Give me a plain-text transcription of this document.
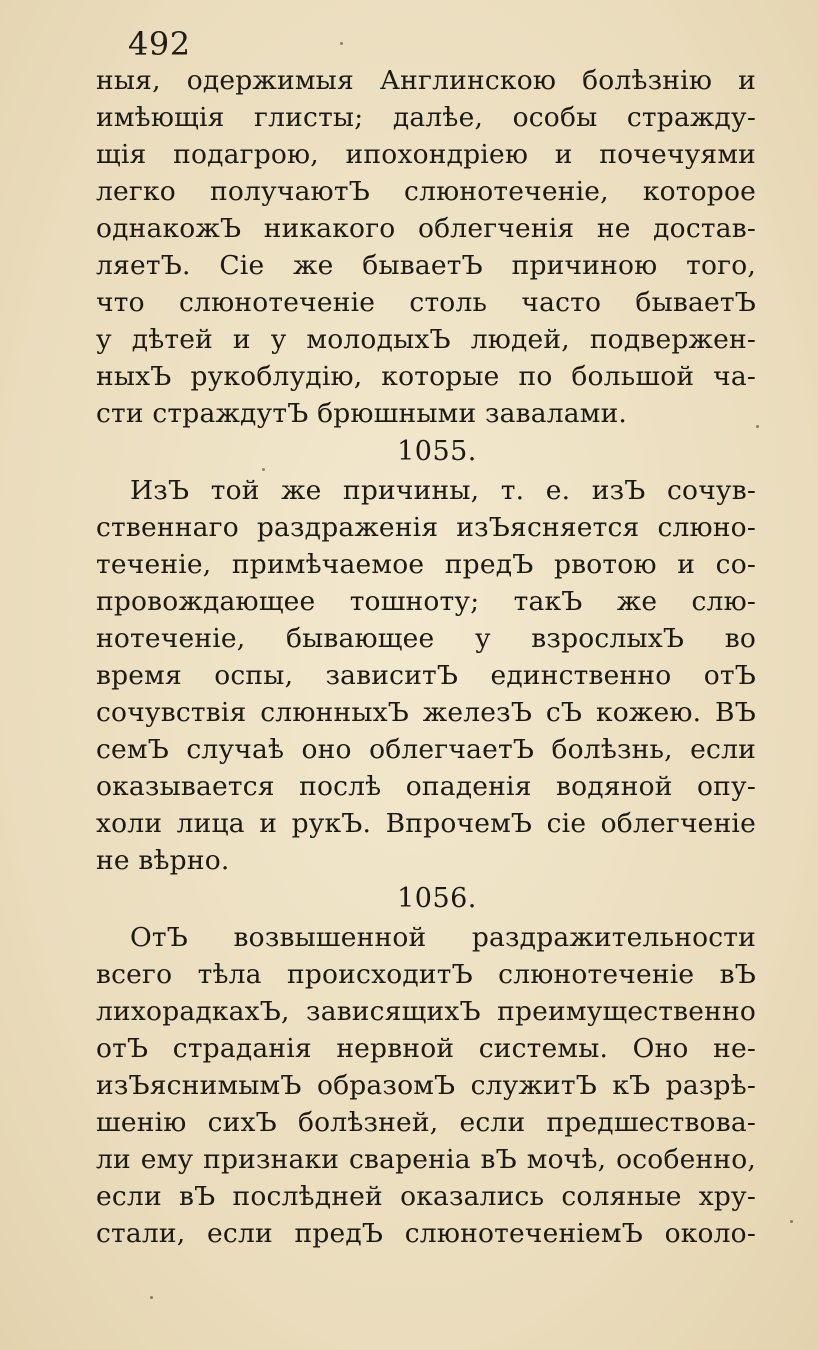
492
ныя, одержимыя Англинскою болѣзнію и
имѣющія глисты; далѣе, особы стражду-
щія подагрою, ипохондріею и почечуями
легко получаютЪ слюнотеченіе, которое
однакожЪ никакого облегченія не достав-
ляетЪ. Сіе же бываетЪ причиною того,
что слюнотеченіе столь часто бываетЪ
у дѣтей и у молодыхЪ людей, подвержен-
ныхЪ рукоблудію, которые по большой ча-
сти страждутЪ брюшными завалами.
1055.
ИзЪ той же причины, т. е. изЪ сочув-
ственнаго раздраженія изЪясняется слюно-
теченіе, примѣчаемое предЪ рвотою и со-
провождающее тошноту; такЪ же слю-
нотеченіе, бывающее у взрослыхЪ во
время оспы, зависитЪ единственно отЪ
сочувствія слюнныхЪ железЪ сЪ кожею. ВЪ
семЪ случаѣ оно облегчаетЪ болѣзнь, если
оказывается послѣ опаденія водяной опу-
холи лица и рукЪ. ВпрочемЪ сіе облегченіе
не вѣрно.
1056.
ОтЪ возвышенной раздражительности
всего тѣла происходитЪ слюнотеченіе вЪ
лихорадкахЪ, зависящихЪ преимущественно
отЪ страданія нервной системы. Оно не-
изЪяснимымЪ образомЪ служитЪ кЪ разрѣ-
шенію сихЪ болѣзней, если предшествова-
ли ему признаки свареніа вЪ мочѣ, особенно,
если вЪ послѣдней оказались соляные хру-
стали, если предЪ слюнотеченіемЪ около-
